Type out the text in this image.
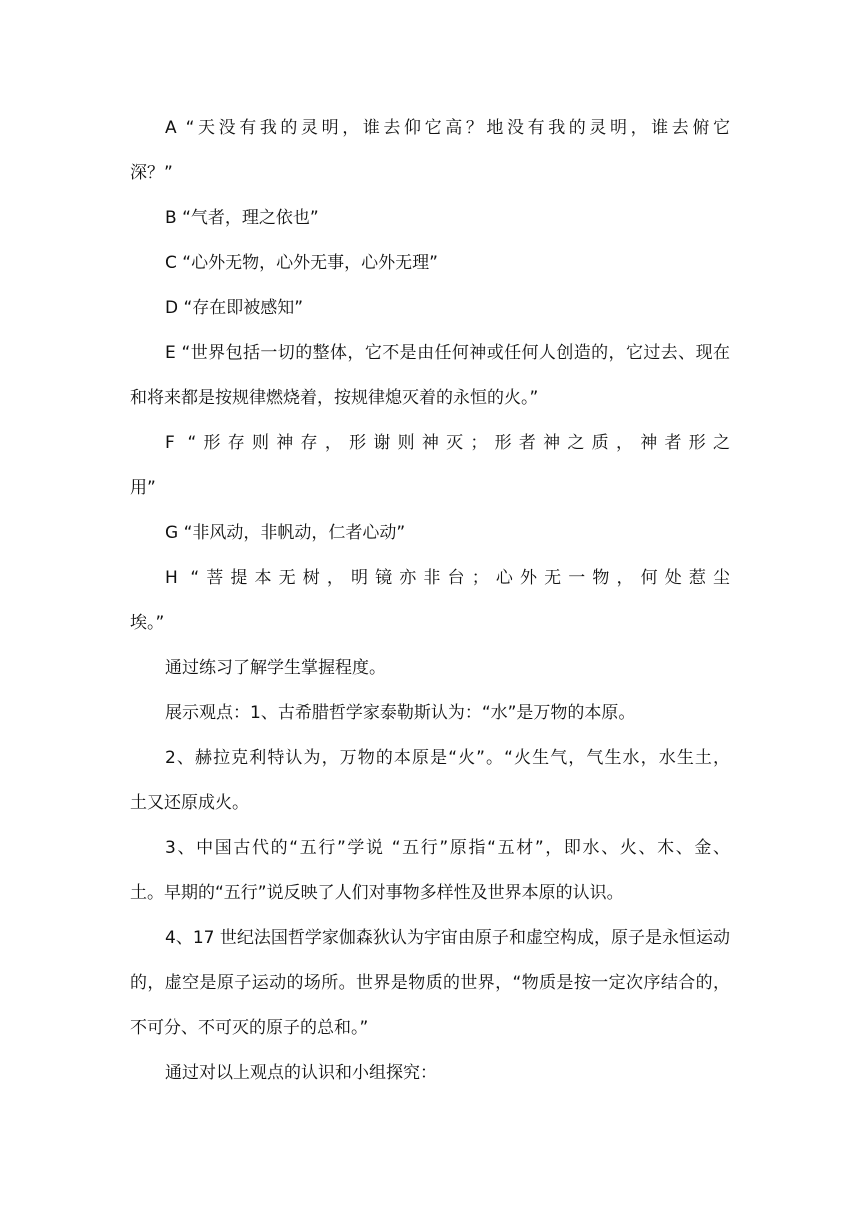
A “天没有我的灵明，谁去仰它高？地没有我的灵明，谁去俯它
深？”
B “气者，理之依也”
C “心外无物，心外无事，心外无理”
D “存在即被感知”
E “世界包括一切的整体，它不是由任何神或任何人创造的，它过去、现在
和将来都是按规律燃烧着，按规律熄灭着的永恒的火。”
F “形存则神存，形谢则神灭；形者神之质，神者形之
用”
G “非风动，非帆动，仁者心动”
H “菩提本无树，明镜亦非台；心外无一物，何处惹尘
埃。”
通过练习了解学生掌握程度。
展示观点：1、古希腊哲学家泰勒斯认为：“水”是万物的本原。
2、赫拉克利特认为，万物的本原是“火”。“火生气，气生水，水生土，
土又还原成火。
3、中国古代的“五行”学说 “五行”原指“五材”，即水、火、木、金、
土。早期的“五行”说反映了人们对事物多样性及世界本原的认识。
4、17 世纪法国哲学家伽森狄认为宇宙由原子和虚空构成，原子是永恒运动
的，虚空是原子运动的场所。世界是物质的世界，“物质是按一定次序结合的，
不可分、不可灭的原子的总和。”
通过对以上观点的认识和小组探究：
